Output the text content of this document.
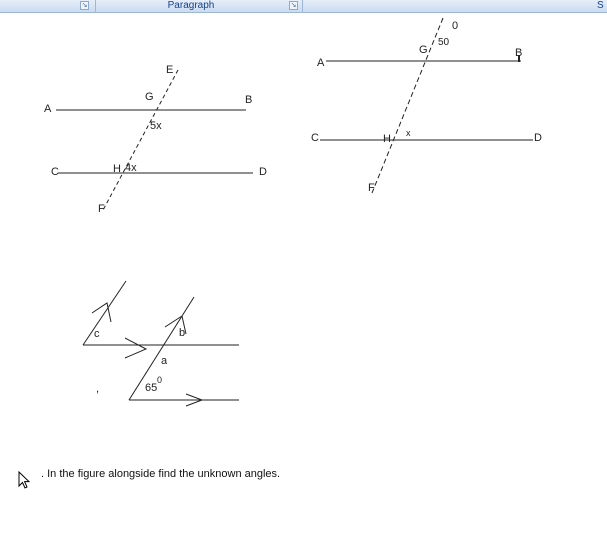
↘	Paragraph	↘	S
A
B
C	D
E
F
G
H
5x
4x
A
B
C	D
0
F
G
H
50
x
c	b
a
65
0
,
. In the figure alongside find the unknown angles.
